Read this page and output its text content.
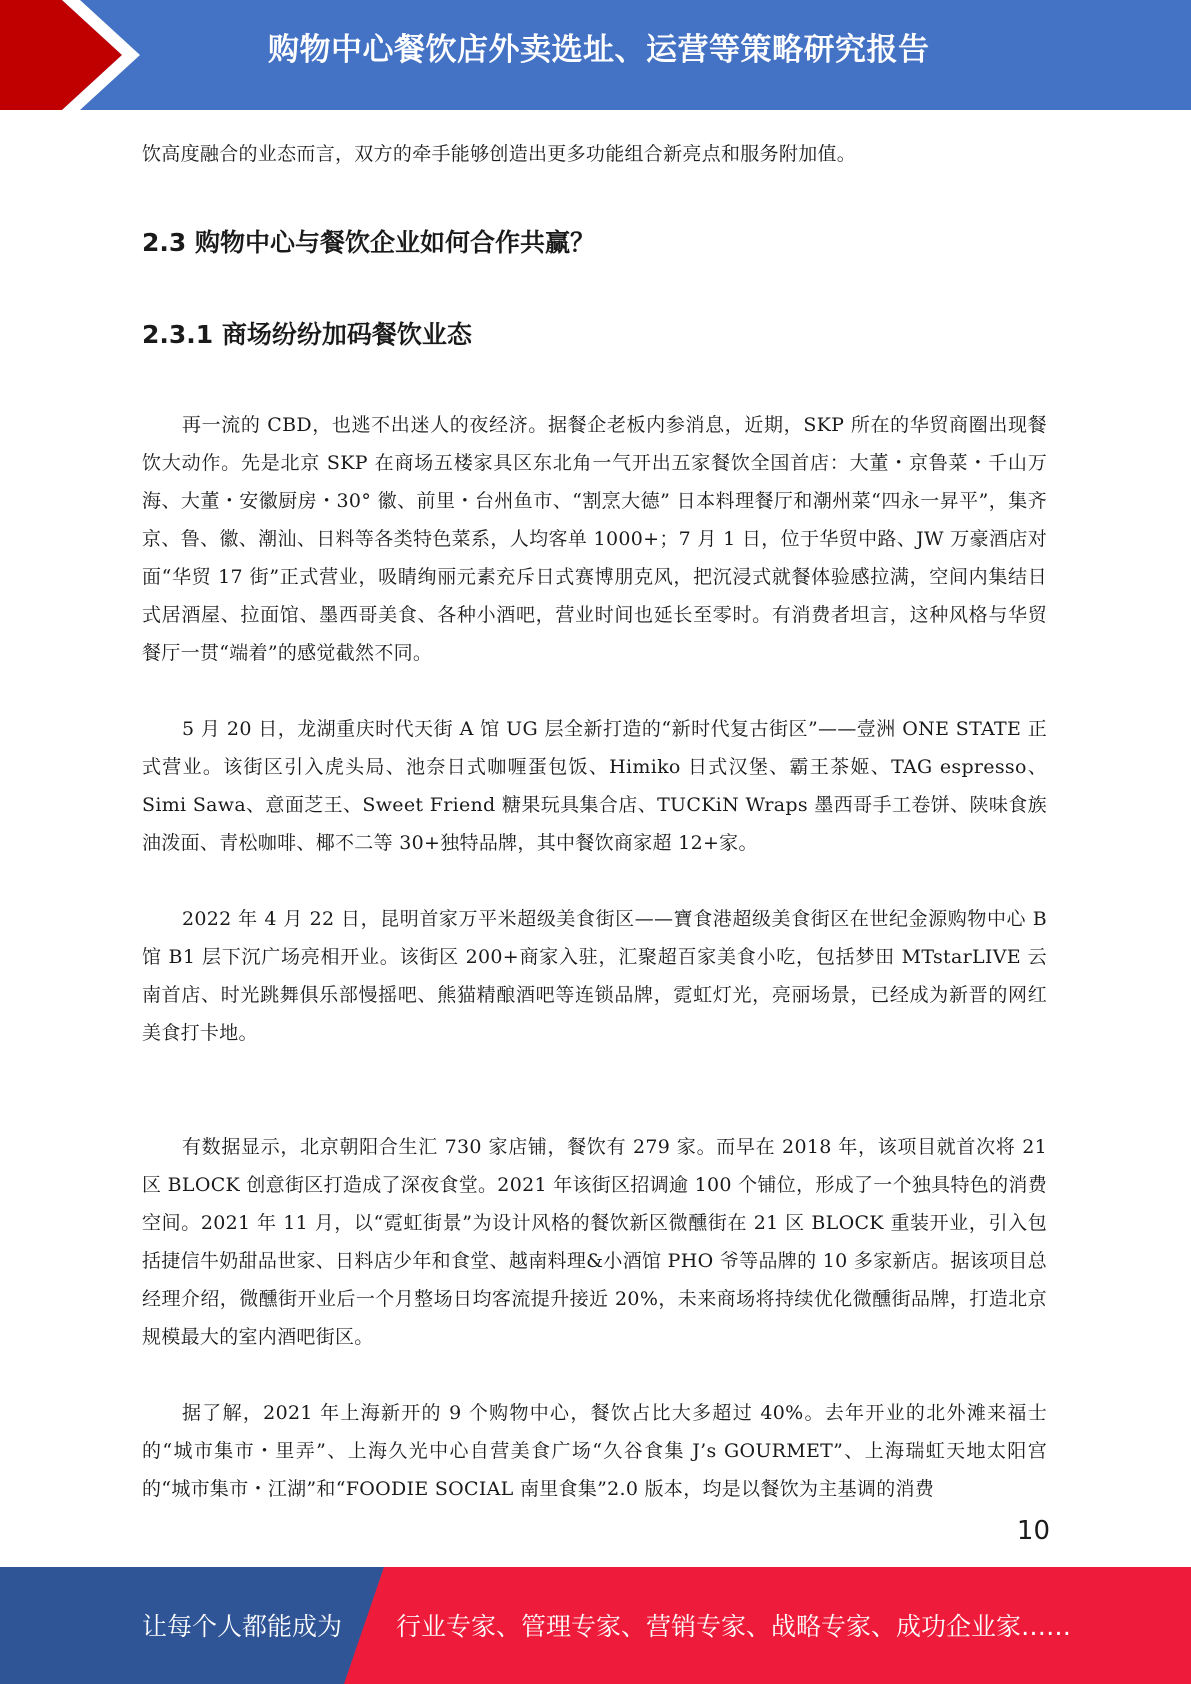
购物中心餐饮店外卖选址、运营等策略研究报告

饮高度融合的业态而言，双方的牵手能够创造出更多功能组合新亮点和服务附加值。

2.3 购物中心与餐饮企业如何合作共赢？
2.3.1 商场纷纷加码餐饮业态

再一流的 CBD，也逃不出迷人的夜经济。据餐企老板内参消息，近期，SKP 所在的华贸商圈出现餐饮大动作。先是北京 SKP 在商场五楼家具区东北角一气开出五家餐饮全国首店：大董・京鲁菜・千山万海、大董・安徽厨房・30° 徽、前里・台州鱼市、“割烹大德” 日本料理餐厅和潮州菜“四永一昇平”，集齐京、鲁、徽、潮汕、日料等各类特色菜系，人均客单 1000+；7 月 1 日，位于华贸中路、JW 万豪酒店对面“华贸 17 街”正式营业，吸睛绚丽元素充斥日式赛博朋克风，把沉浸式就餐体验感拉满，空间内集结日式居酒屋、拉面馆、墨西哥美食、各种小酒吧，营业时间也延长至零时。有消费者坦言，这种风格与华贸餐厅一贯“端着”的感觉截然不同。

5 月 20 日，龙湖重庆时代天街 A 馆 UG 层全新打造的“新时代复古街区”——壹洲 ONE STATE 正式营业。该街区引入虎头局、池奈日式咖喱蛋包饭、Himiko 日式汉堡、霸王茶姬、TAG espresso、Simi Sawa、意面芝王、Sweet Friend 糖果玩具集合店、TUCKiN Wraps 墨西哥手工卷饼、陕味食族油泼面、青松咖啡、椰不二等 30+独特品牌，其中餐饮商家超 12+家。

2022 年 4 月 22 日，昆明首家万平米超级美食街区——寶食港超级美食街区在世纪金源购物中心 B 馆 B1 层下沉广场亮相开业。该街区 200+商家入驻，汇聚超百家美食小吃，包括梦田 MTstarLIVE 云南首店、时光跳舞俱乐部慢摇吧、熊猫精酿酒吧等连锁品牌，霓虹灯光，亮丽场景，已经成为新晋的网红美食打卡地。

有数据显示，北京朝阳合生汇 730 家店铺，餐饮有 279 家。而早在 2018 年，该项目就首次将 21 区 BLOCK 创意街区打造成了深夜食堂。2021 年该街区招调逾 100 个铺位，形成了一个独具特色的消费空间。2021 年 11 月，以“霓虹街景”为设计风格的餐饮新区微醺街在 21 区 BLOCK 重装开业，引入包括捷信牛奶甜品世家、日料店少年和食堂、越南料理&小酒馆 PHO 爷等品牌的 10 多家新店。据该项目总经理介绍，微醺街开业后一个月整场日均客流提升接近 20%，未来商场将持续优化微醺街品牌，打造北京规模最大的室内酒吧街区。

据了解，2021 年上海新开的 9 个购物中心，餐饮占比大多超过 40%。去年开业的北外滩来福士的“城市集市・里弄”、上海久光中心自营美食广场“久谷食集 J’s GOURMET”、上海瑞虹天地太阳宫的“城市集市・江湖”和“FOODIE SOCIAL 南里食集”2.0 版本，均是以餐饮为主基调的消费

10
让每个人都能成为 行业专家、管理专家、营销专家、战略专家、成功企业家……
